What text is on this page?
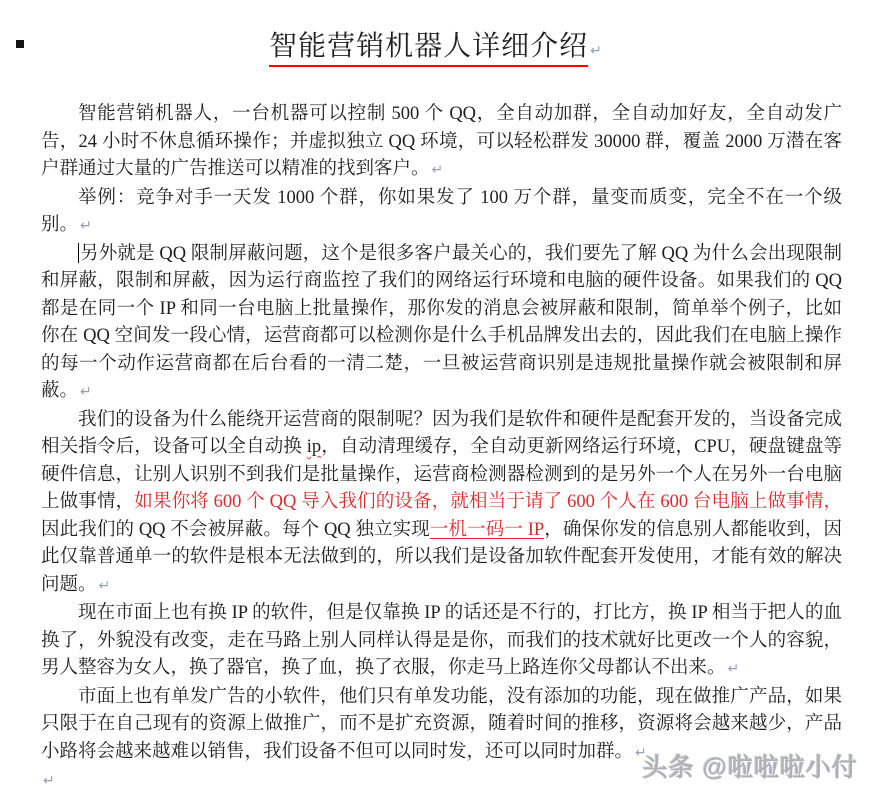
智能营销机器人详细介绍 ↵

智能营销机器人，一台机器可以控制 500 个 QQ，全自动加群，全自动加好友，全自动发广告，24 小时不休息循环操作；并虚拟独立 QQ 环境，可以轻松群发 30000 群，覆盖 2000 万潜在客户群通过大量的广告推送可以精准的找到客户。 ↵

举例：竞争对手一天发 1000 个群，你如果发了 100 万个群，量变而质变，完全不在一个级别。 ↵

另外就是 QQ 限制屏蔽问题，这个是很多客户最关心的，我们要先了解 QQ 为什么会出现限制和屏蔽，限制和屏蔽，因为运行商监控了我们的网络运行环境和电脑的硬件设备。如果我们的 QQ 都是在同一个 IP 和同一台电脑上批量操作，那你发的消息会被屏蔽和限制，简单举个例子，比如你在 QQ 空间发一段心情，运营商都可以检测你是什么手机品牌发出去的，因此我们在电脑上操作的每一个动作运营商都在后台看的一清二楚，一旦被运营商识别是违规批量操作就会被限制和屏蔽。 ↵

我们的设备为什么能绕开运营商的限制呢？因为我们是软件和硬件是配套开发的，当设备完成相关指令后，设备可以全自动换 ip，自动清理缓存，全自动更新网络运行环境，CPU，硬盘键盘等硬件信息，让别人识别不到我们是批量操作，运营商检测器检测到的是另外一个人在另外一台电脑上做事情，如果你将 600 个 QQ 导入我们的设备，就相当于请了 600 个人在 600 台电脑上做事情，因此我们的 QQ 不会被屏蔽。每个 QQ 独立实现一机一码一 IP，确保你发的信息别人都能收到，因此仅靠普通单一的软件是根本无法做到的，所以我们是设备加软件配套开发使用，才能有效的解决问题。 ↵

现在市面上也有换 IP 的软件，但是仅靠换 IP 的话还是不行的，打比方，换 IP 相当于把人的血换了，外貌没有改变，走在马路上别人同样认得是是你，而我们的技术就好比更改一个人的容貌，男人整容为女人，换了器官，换了血，换了衣服，你走马上路连你父母都认不出来。 ↵

市面上也有单发广告的小软件，他们只有单发功能，没有添加的功能，现在做推广产品，如果只限于在自己现有的资源上做推广，而不是扩充资源，随着时间的推移，资源将会越来越少，产品小路将会越来越难以销售，我们设备不但可以同时发，还可以同时加群。 ↵

↵	头条 @啦啦啦小付
